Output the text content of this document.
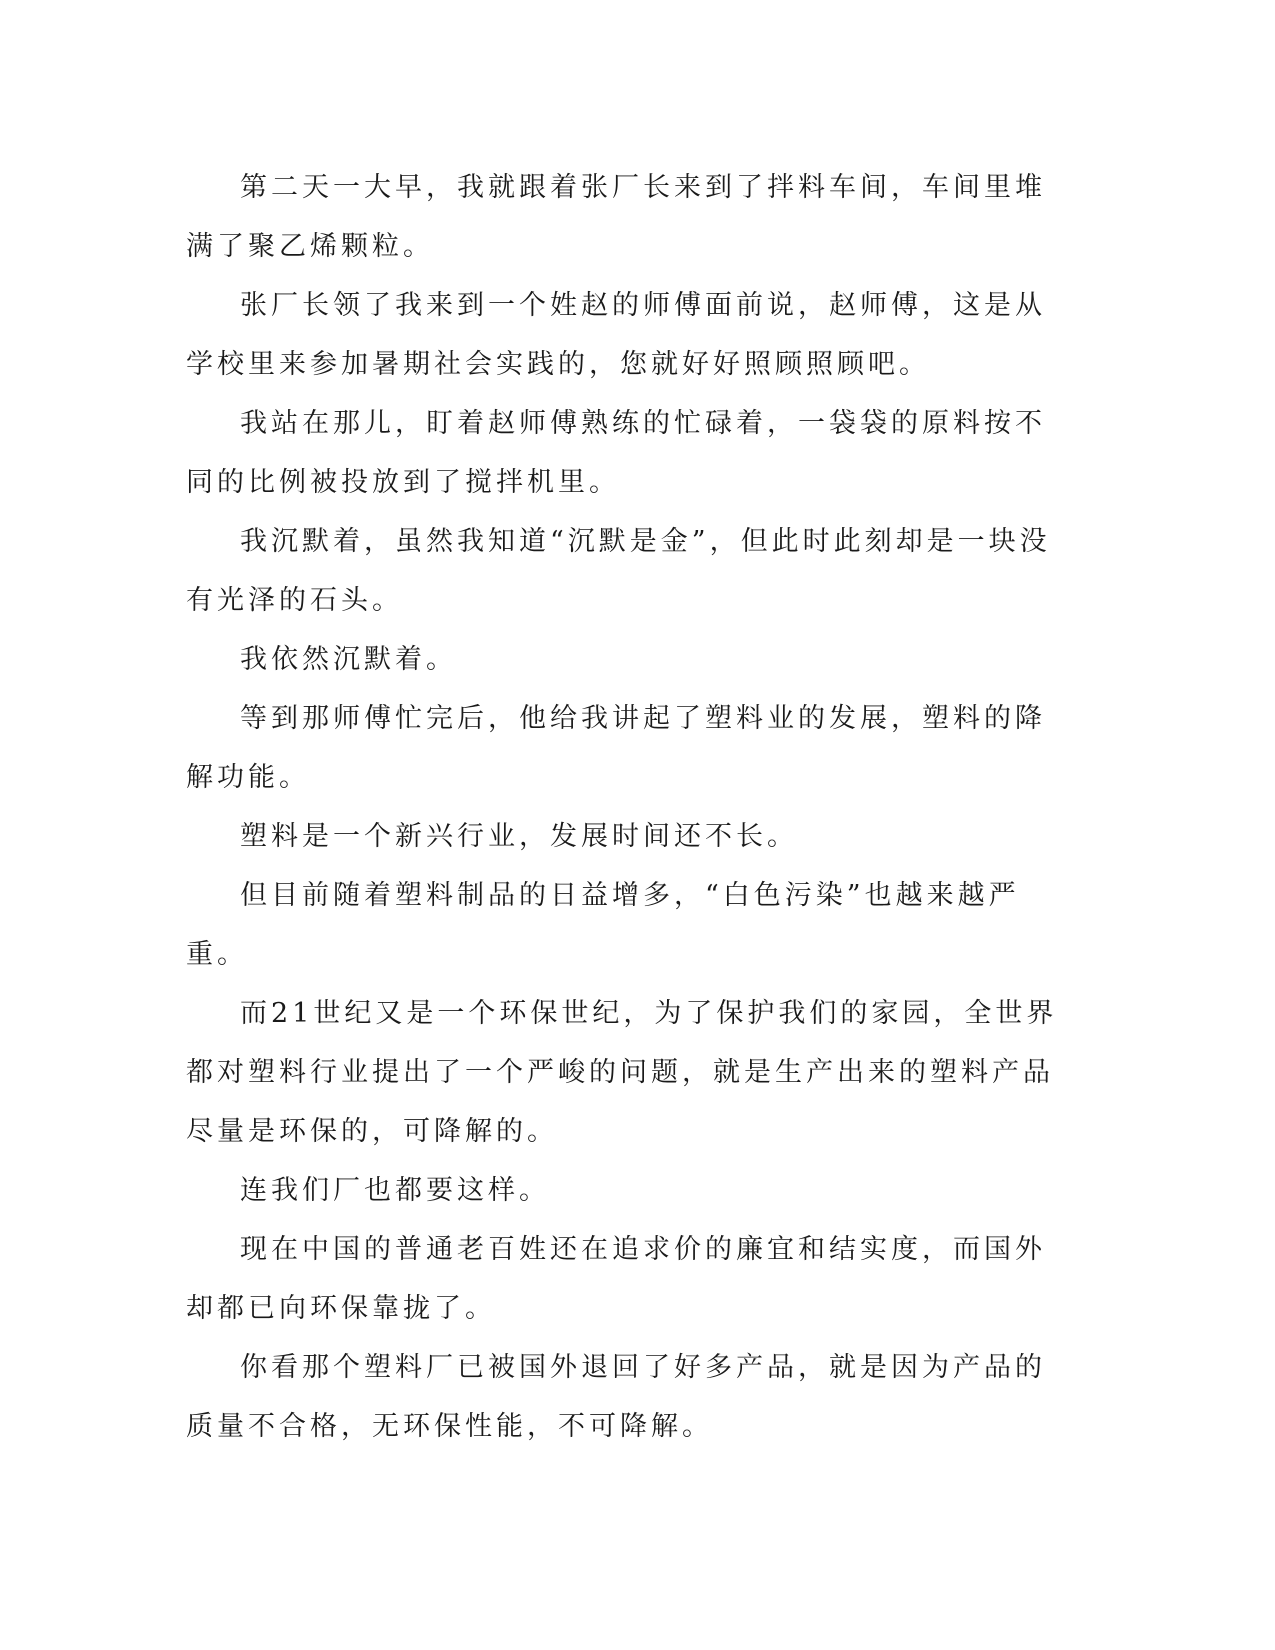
第二天一大早，我就跟着张厂长来到了拌料车间，车间里堆满了聚乙烯颗粒。

张厂长领了我来到一个姓赵的师傅面前说，赵师傅，这是从学校里来参加暑期社会实践的，您就好好照顾照顾吧。

我站在那儿，盯着赵师傅熟练的忙碌着，一袋袋的原料按不同的比例被投放到了搅拌机里。

我沉默着，虽然我知道“沉默是金”，但此时此刻却是一块没有光泽的石头。

我依然沉默着。

等到那师傅忙完后，他给我讲起了塑料业的发展，塑料的降解功能。

塑料是一个新兴行业，发展时间还不长。

但目前随着塑料制品的日益增多，“白色污染”也越来越严重。

而21世纪又是一个环保世纪，为了保护我们的家园，全世界都对塑料行业提出了一个严峻的问题，就是生产出来的塑料产品尽量是环保的，可降解的。

连我们厂也都要这样。

现在中国的普通老百姓还在追求价的廉宜和结实度，而国外却都已向环保靠拢了。

你看那个塑料厂已被国外退回了好多产品，就是因为产品的质量不合格，无环保性能，不可降解。
